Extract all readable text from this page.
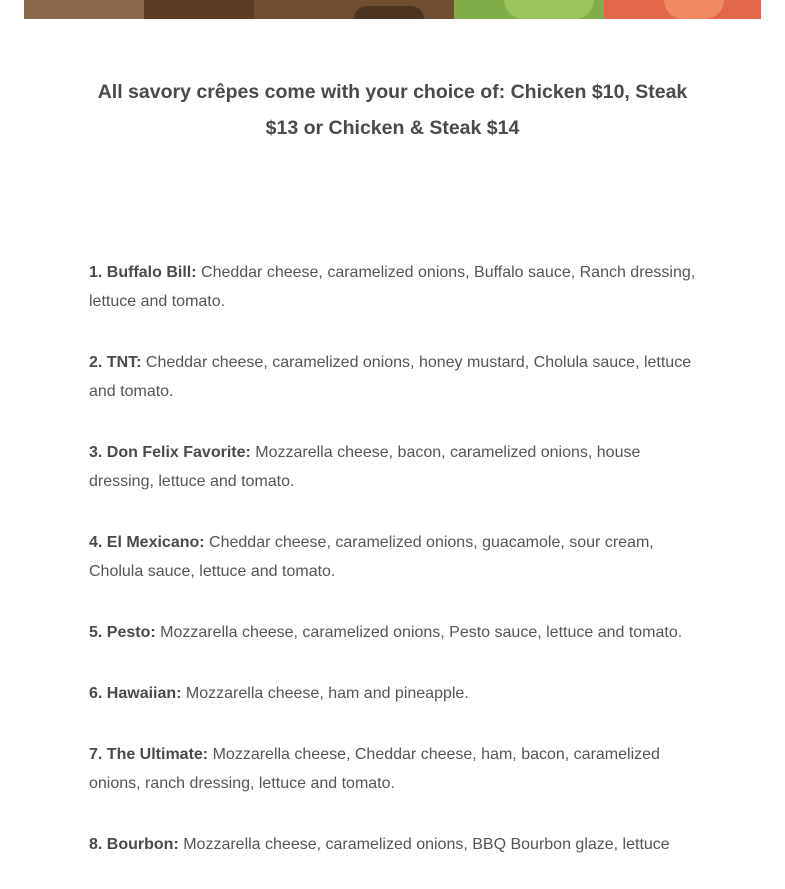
All savory crêpes come with your choice of: Chicken $10, Steak $13 or Chicken & Steak $14

1. Buffalo Bill: Cheddar cheese, caramelized onions, Buffalo sauce, Ranch dressing, lettuce and tomato.

2. TNT: Cheddar cheese, caramelized onions, honey mustard, Cholula sauce, lettuce and tomato.

3. Don Felix Favorite: Mozzarella cheese, bacon, caramelized onions, house dressing, lettuce and tomato.

4. El Mexicano: Cheddar cheese, caramelized onions, guacamole, sour cream, Cholula sauce, lettuce and tomato.

5. Pesto: Mozzarella cheese, caramelized onions, Pesto sauce, lettuce and tomato.

6. Hawaiian: Mozzarella cheese, ham and pineapple.

7. The Ultimate: Mozzarella cheese, Cheddar cheese, ham, bacon, caramelized onions, ranch dressing, lettuce and tomato.

8. Bourbon: Mozzarella cheese, caramelized onions, BBQ Bourbon glaze, lettuce
